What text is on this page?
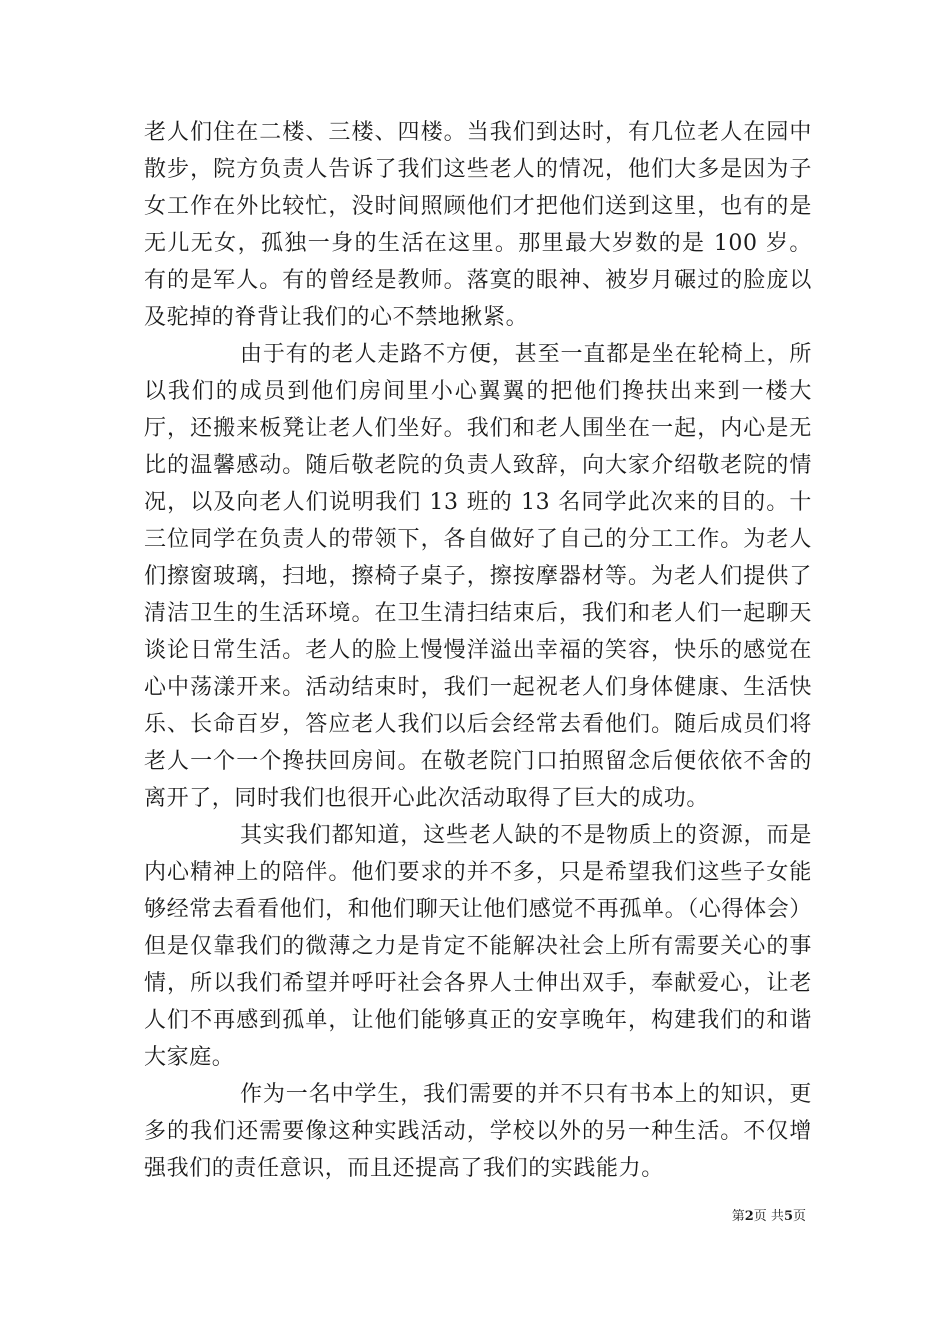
老人们住在二楼、三楼、四楼。当我们到达时，有几位老人在园中散步，院方负责人告诉了我们这些老人的情况，他们大多是因为子女工作在外比较忙，没时间照顾他们才把他们送到这里，也有的是无儿无女，孤独一身的生活在这里。那里最大岁数的是 100 岁。有的是军人。有的曾经是教师。落寞的眼神、被岁月碾过的脸庞以及驼掉的脊背让我们的心不禁地揪紧。

由于有的老人走路不方便，甚至一直都是坐在轮椅上，所以我们的成员到他们房间里小心翼翼的把他们搀扶出来到一楼大厅，还搬来板凳让老人们坐好。我们和老人围坐在一起，内心是无比的温馨感动。随后敬老院的负责人致辞，向大家介绍敬老院的情况，以及向老人们说明我们 13 班的 13 名同学此次来的目的。十三位同学在负责人的带领下，各自做好了自己的分工工作。为老人们擦窗玻璃，扫地，擦椅子桌子，擦按摩器材等。为老人们提供了清洁卫生的生活环境。在卫生清扫结束后，我们和老人们一起聊天谈论日常生活。老人的脸上慢慢洋溢出幸福的笑容，快乐的感觉在心中荡漾开来。活动结束时，我们一起祝老人们身体健康、生活快乐、长命百岁，答应老人我们以后会经常去看他们。随后成员们将老人一个一个搀扶回房间。在敬老院门口拍照留念后便依依不舍的离开了，同时我们也很开心此次活动取得了巨大的成功。

其实我们都知道，这些老人缺的不是物质上的资源，而是内心精神上的陪伴。他们要求的并不多，只是希望我们这些子女能够经常去看看他们，和他们聊天让他们感觉不再孤单。（心得体会）但是仅靠我们的微薄之力是肯定不能解决社会上所有需要关心的事情，所以我们希望并呼吁社会各界人士伸出双手，奉献爱心，让老人们不再感到孤单，让他们能够真正的安享晚年，构建我们的和谐大家庭。

作为一名中学生，我们需要的并不只有书本上的知识，更多的我们还需要像这种实践活动，学校以外的另一种生活。不仅增强我们的责任意识，而且还提高了我们的实践能力。

第2页 共5页
